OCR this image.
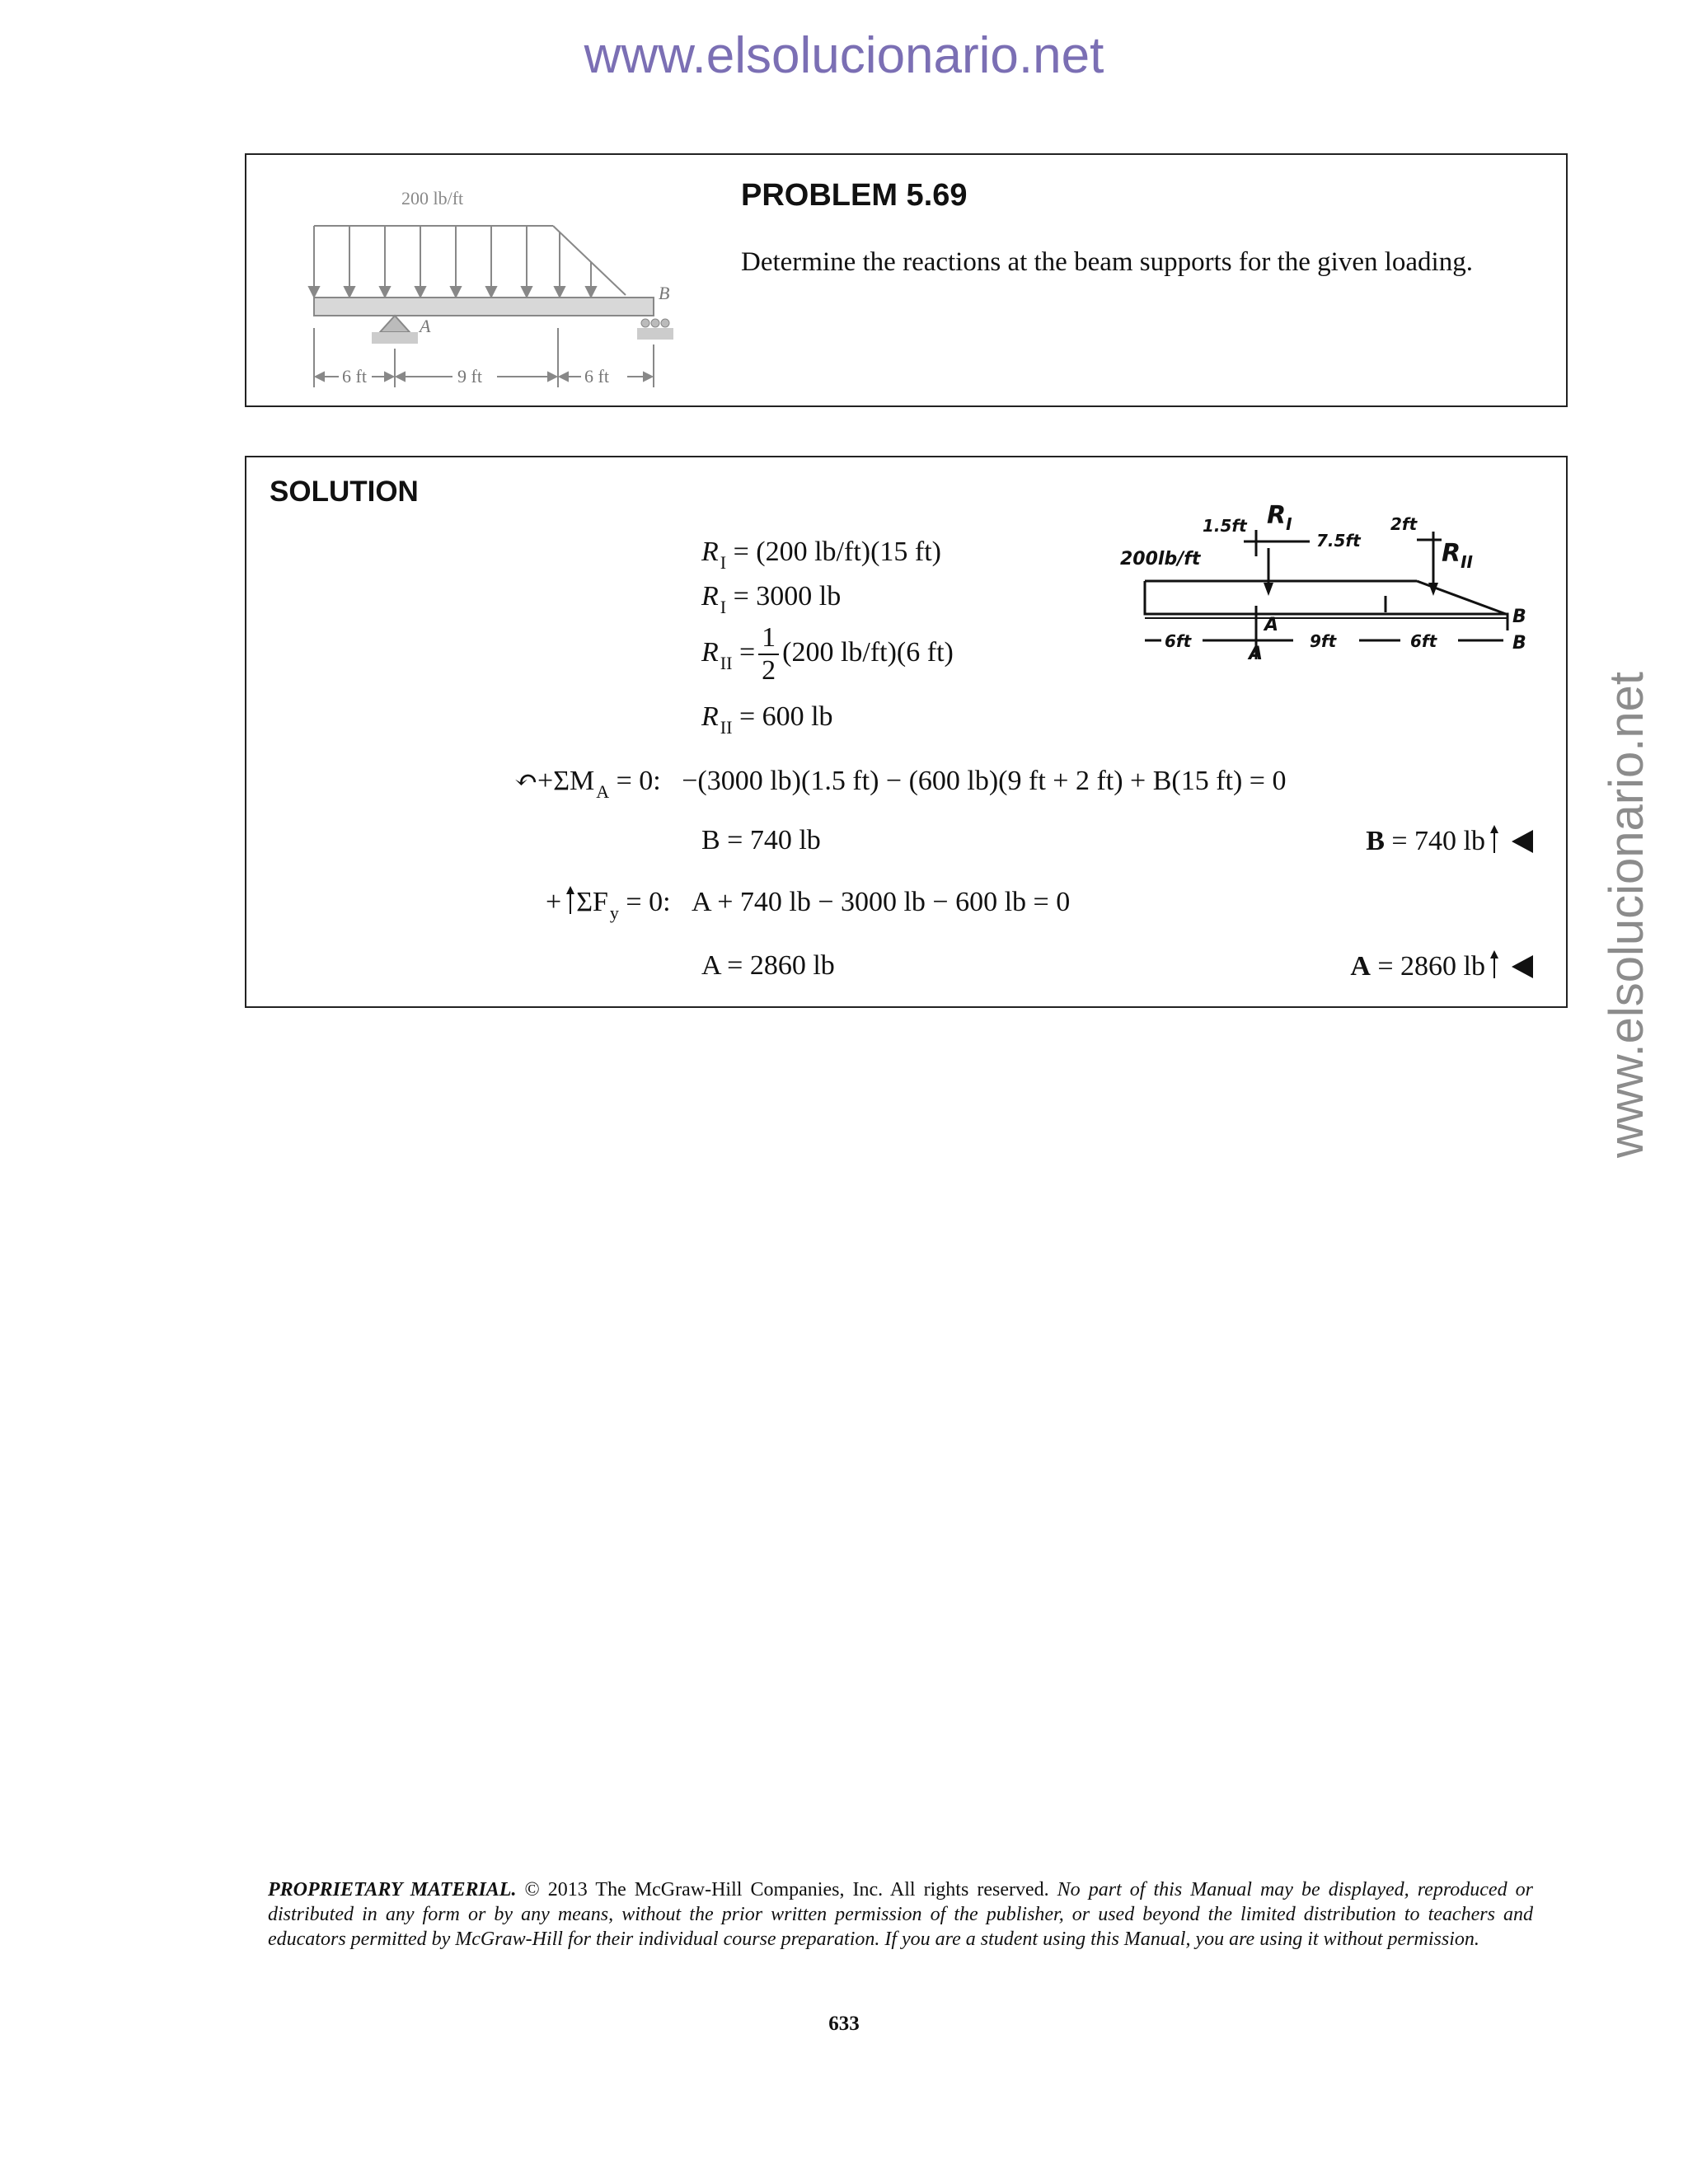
www.elsolucionario.net
www.elsolucionario.net
200 lb/ft
A
B
6 ft	9 ft	6 ft
PROBLEM 5.69
Determine the reactions at the beam supports for the given loading.
SOLUTION
200lb/ft
1.5ft
7.5ft
2ft
$R_I$
$R_{II}$
A
A
B
B
6ft	9ft	6ft
$R_I = (200$ lb/ft)(15 ft)
$R_I = 3000$ lb
$R_{II} = \frac{1}{2} (200$ lb/ft)(6 ft)
$R_{II} = 600$ lb
$↶+\Sigma M_A = 0$: −(3000 lb)(1.5 ft) − (600 lb)(9 ft + 2 ft) + B(15 ft) = 0
B = 740 lb	B = 740 lb
+ $\Sigma F_y = 0$: A + 740 lb − 3000 lb − 600 lb = 0
A = 2860 lb	A = 2860 lb
PROPRIETARY MATERIAL. © 2013 The McGraw-Hill Companies, Inc. All rights reserved. No part of this Manual may be displayed, reproduced or distributed in any form or by any means, without the prior written permission of the publisher, or used beyond the limited distribution to teachers and educators permitted by McGraw-Hill for their individual course preparation. If you are a student using this Manual, you are using it without permission.
633
